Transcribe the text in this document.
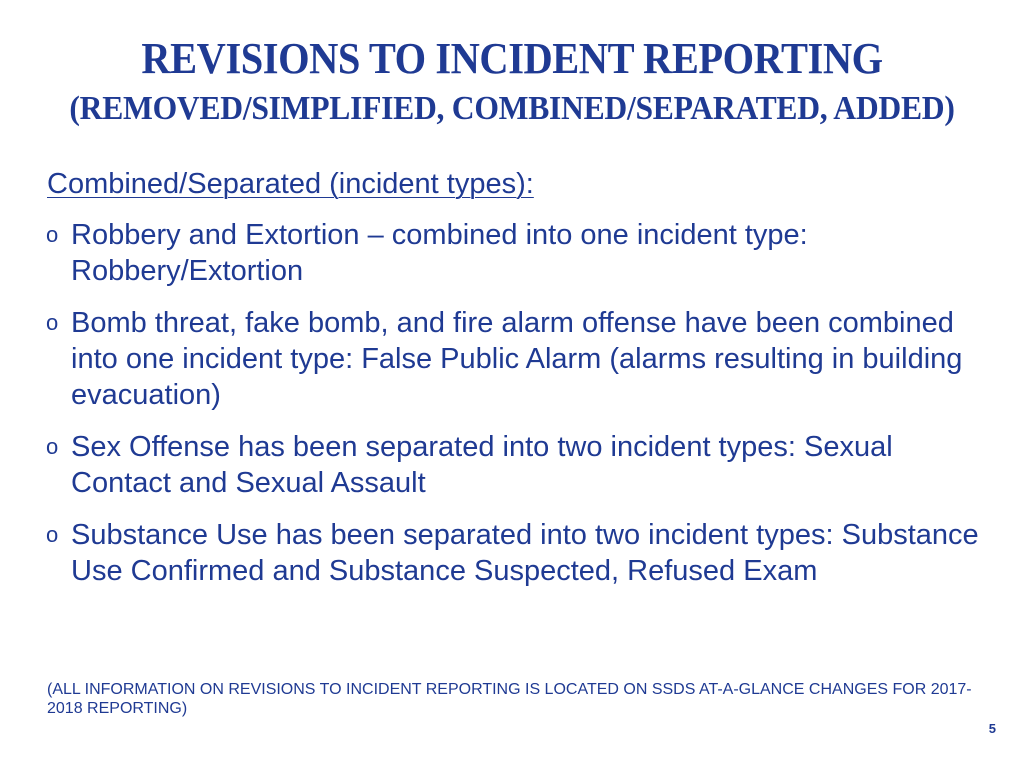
REVISIONS TO INCIDENT REPORTING
(REMOVED/SIMPLIFIED, COMBINED/SEPARATED, ADDED)
Combined/Separated (incident types):
o Robbery and Extortion – combined into one incident type: Robbery/Extortion
o Bomb threat, fake bomb, and fire alarm offense have been combined into one incident type: False Public Alarm (alarms resulting in building evacuation)
o Sex Offense has been separated into two incident types: Sexual Contact and Sexual Assault
o Substance Use has been separated into two incident types: Substance Use Confirmed and Substance Suspected, Refused Exam
(ALL INFORMATION ON REVISIONS TO INCIDENT REPORTING IS LOCATED ON SSDS AT-A-GLANCE CHANGES FOR 2017-2018 REPORTING)
5
